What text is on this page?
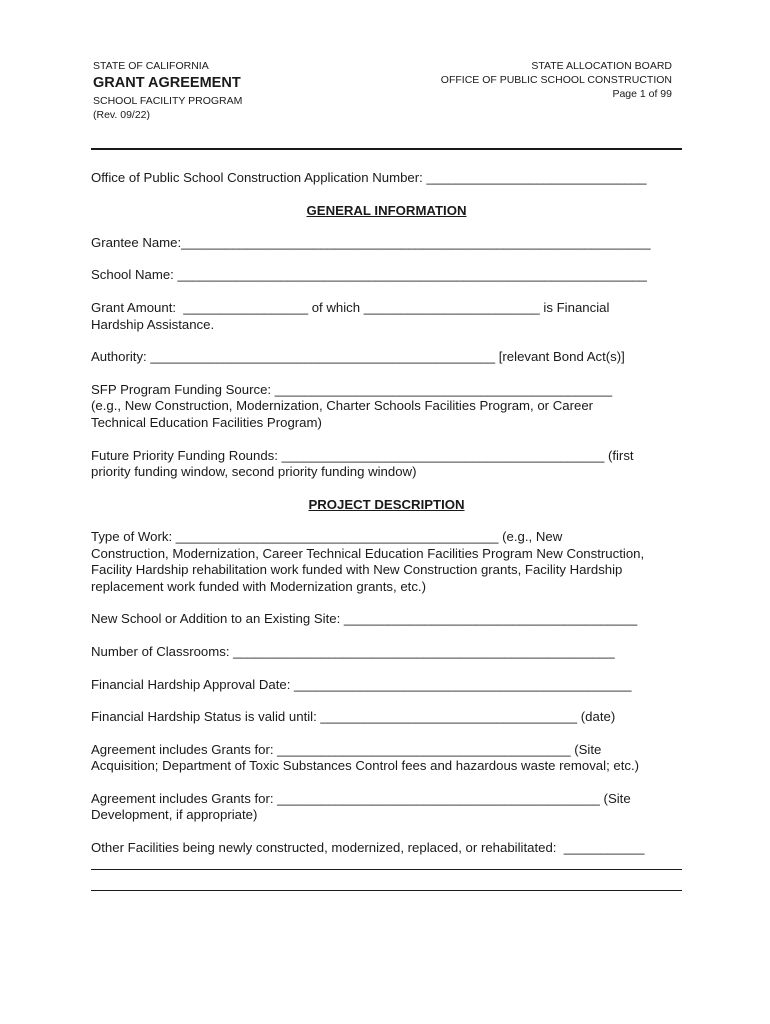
STATE OF CALIFORNIA
GRANT AGREEMENT
SCHOOL FACILITY PROGRAM
(Rev. 09/22)
STATE ALLOCATION BOARD
OFFICE OF PUBLIC SCHOOL CONSTRUCTION
Page 1 of 99
Office of Public School Construction Application Number: ______________________________
GENERAL INFORMATION
Grantee Name:________________________________________________________________
School Name: ________________________________________________________________
Grant Amount:  _________________ of which ________________________ is Financial
Hardship Assistance.
Authority: _______________________________________________ [relevant Bond Act(s)]
SFP Program Funding Source: ______________________________________________
(e.g., New Construction, Modernization, Charter Schools Facilities Program, or Career
Technical Education Facilities Program)
Future Priority Funding Rounds: ____________________________________________ (first
priority funding window, second priority funding window)
PROJECT DESCRIPTION
Type of Work: ____________________________________________ (e.g., New
Construction, Modernization, Career Technical Education Facilities Program New Construction,
Facility Hardship rehabilitation work funded with New Construction grants, Facility Hardship
replacement work funded with Modernization grants, etc.)
New School or Addition to an Existing Site: ________________________________________
Number of Classrooms: ____________________________________________________
Financial Hardship Approval Date: ______________________________________________
Financial Hardship Status is valid until: ___________________________________ (date)
Agreement includes Grants for: ________________________________________ (Site
Acquisition; Department of Toxic Substances Control fees and hazardous waste removal; etc.)
Agreement includes Grants for: ____________________________________________ (Site
Development, if appropriate)
Other Facilities being newly constructed, modernized, replaced, or rehabilitated:  ___________
